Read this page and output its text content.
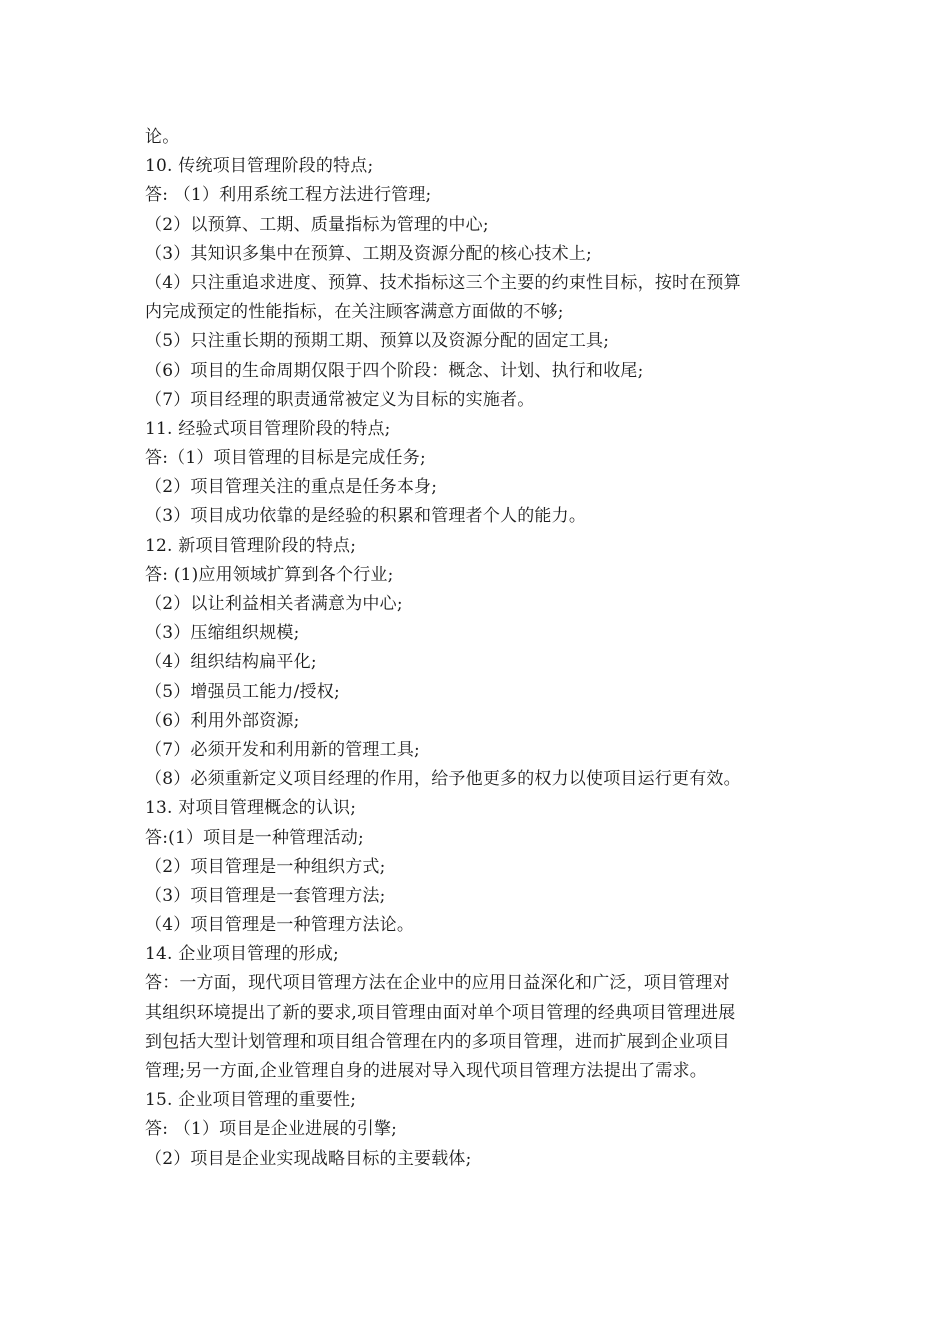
论。
10. 传统项目管理阶段的特点;
答: （1）利用系统工程方法进行管理;
（2）以预算、工期、质量指标为管理的中心;
（3）其知识多集中在预算、工期及资源分配的核心技术上;
（4）只注重追求进度、预算、技术指标这三个主要的约束性目标，按时在预算
内完成预定的性能指标，在关注顾客满意方面做的不够;
（5）只注重长期的预期工期、预算以及资源分配的固定工具;
（6）项目的生命周期仅限于四个阶段：概念、计划、执行和收尾;
（7）项目经理的职责通常被定义为目标的实施者。
11. 经验式项目管理阶段的特点;
答:（1）项目管理的目标是完成任务;
（2）项目管理关注的重点是任务本身;
（3）项目成功依靠的是经验的积累和管理者个人的能力。
12. 新项目管理阶段的特点;
答: (1)应用领域扩算到各个行业;
（2）以让利益相关者满意为中心;
（3）压缩组织规模;
（4）组织结构扁平化;
（5）增强员工能力/授权;
（6）利用外部资源;
（7）必须开发和利用新的管理工具;
（8）必须重新定义项目经理的作用，给予他更多的权力以使项目运行更有效。
13. 对项目管理概念的认识;
答:(1）项目是一种管理活动;
（2）项目管理是一种组织方式;
（3）项目管理是一套管理方法;
（4）项目管理是一种管理方法论。
14. 企业项目管理的形成;
答：一方面，现代项目管理方法在企业中的应用日益深化和广泛，项目管理对
其组织环境提出了新的要求,项目管理由面对单个项目管理的经典项目管理进展
到包括大型计划管理和项目组合管理在内的多项目管理，进而扩展到企业项目
管理;另一方面,企业管理自身的进展对导入现代项目管理方法提出了需求。
15. 企业项目管理的重要性;
答: （1）项目是企业进展的引擎;
（2）项目是企业实现战略目标的主要载体;
